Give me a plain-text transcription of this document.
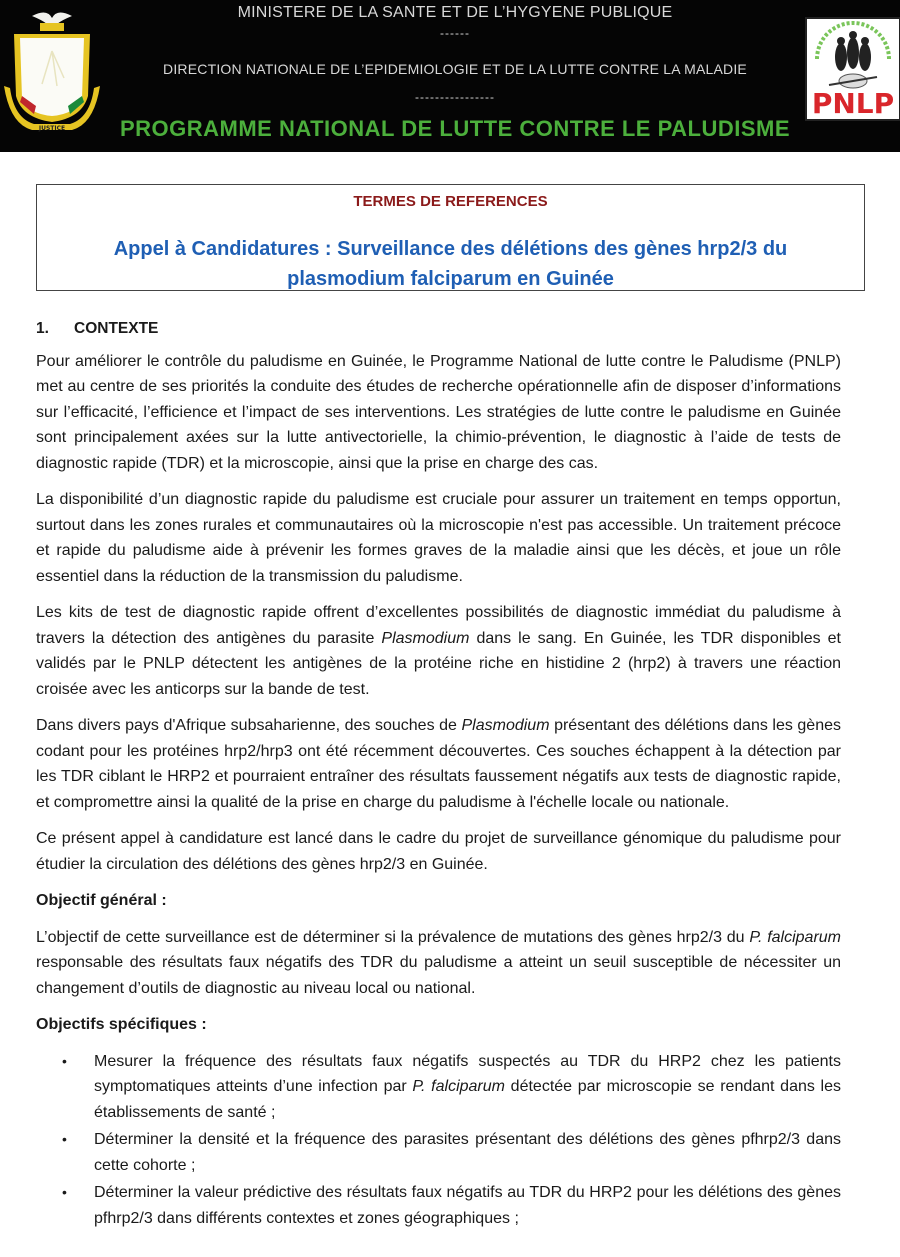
JUSTICE
MINISTERE DE LA SANTE ET DE L’HYGYENE PUBLIQUE
------
DIRECTION NATIONALE DE L’EPIDEMIOLOGIE ET DE LA LUTTE CONTRE LA MALADIE
----------------
PROGRAMME NATIONAL DE LUTTE CONTRE LE PALUDISME
PNLP
TERMES DE REFERENCES
Appel à Candidatures : Surveillance des délétions des gènes hrp2/3 du
plasmodium falciparum en Guinée
1. CONTEXTE

Pour améliorer le contrôle du paludisme en Guinée, le Programme National de lutte contre le Paludisme (PNLP) met au centre de ses priorités la conduite des études de recherche opérationnelle afin de disposer d’informations sur l’efficacité, l’efficience et l’impact de ses interventions. Les stratégies de lutte contre le paludisme en Guinée sont principalement axées sur la lutte antivectorielle, la chimio-prévention, le diagnostic à l’aide de tests de diagnostic rapide (TDR) et la microscopie, ainsi que la prise en charge des cas.

La disponibilité d’un diagnostic rapide du paludisme est cruciale pour assurer un traitement en temps opportun, surtout dans les zones rurales et communautaires où la microscopie n'est pas accessible. Un traitement précoce et rapide du paludisme aide à prévenir les formes graves de la maladie ainsi que les décès, et joue un rôle essentiel dans la réduction de la transmission du paludisme.

Les kits de test de diagnostic rapide offrent d’excellentes possibilités de diagnostic immédiat du paludisme à travers la détection des antigènes du parasite Plasmodium dans le sang. En Guinée, les TDR disponibles et validés par le PNLP détectent les antigènes de la protéine riche en histidine 2 (hrp2) à travers une réaction croisée avec les anticorps sur la bande de test.

Dans divers pays d'Afrique subsaharienne, des souches de Plasmodium présentant des délétions dans les gènes codant pour les protéines hrp2/hrp3 ont été récemment découvertes. Ces souches échappent à la détection par les TDR ciblant le HRP2 et pourraient entraîner des résultats faussement négatifs aux tests de diagnostic rapide, et compromettre ainsi la qualité de la prise en charge du paludisme à l'échelle locale ou nationale.

Ce présent appel à candidature est lancé dans le cadre du projet de surveillance génomique du paludisme pour étudier la circulation des délétions des gènes hrp2/3 en Guinée.

Objectif général :

L’objectif de cette surveillance est de déterminer si la prévalence de mutations des gènes hrp2/3 du P. falciparum responsable des résultats faux négatifs des TDR du paludisme a atteint un seuil susceptible de nécessiter un changement d’outils de diagnostic au niveau local ou national.

Objectifs spécifiques :
• Mesurer la fréquence des résultats faux négatifs suspectés au TDR du HRP2 chez les patients symptomatiques atteints d’une infection par P. falciparum détectée par microscopie se rendant dans les établissements de santé ;
• Déterminer la densité et la fréquence des parasites présentant des délétions des gènes pfhrp2/3 dans cette cohorte ;
• Déterminer la valeur prédictive des résultats faux négatifs au TDR du HRP2 pour les délétions des gènes pfhrp2/3 dans différents contextes et zones géographiques ;
